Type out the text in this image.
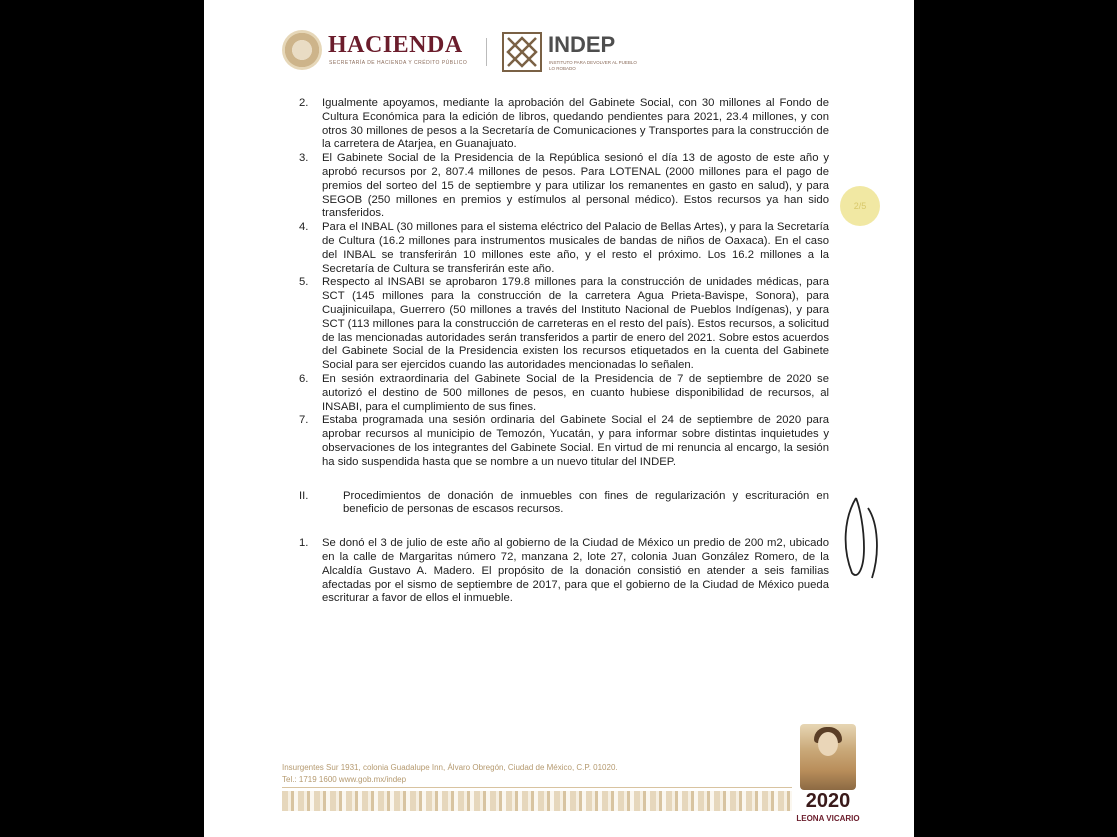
HACIENDA
SECRETARÍA DE HACIENDA Y CRÉDITO PÚBLICO
INDEP
INSTITUTO PARA DEVOLVER AL PUEBLO LO ROBADO
2/5

2. Igualmente apoyamos, mediante la aprobación del Gabinete Social, con 30 millones al Fondo de Cultura Económica para la edición de libros, quedando pendientes para 2021, 23.4 millones, y con otros 30 millones de pesos a la Secretaría de Comunicaciones y Transportes para la construcción de la carretera de Atarjea, en Guanajuato.

3. El Gabinete Social de la Presidencia de la República sesionó el día 13 de agosto de este año y aprobó recursos por 2, 807.4 millones de pesos. Para LOTENAL (2000 millones para el pago de premios del sorteo del 15 de septiembre y para utilizar los remanentes en gasto en salud), y para SEGOB (250 millones en premios y estímulos al personal médico). Estos recursos ya han sido transferidos.

4. Para el INBAL (30 millones para el sistema eléctrico del Palacio de Bellas Artes), y para la Secretaría de Cultura (16.2 millones para instrumentos musicales de bandas de niños de Oaxaca). En el caso del INBAL se transferirán 10 millones este año, y el resto el próximo. Los 16.2 millones a la Secretaría de Cultura se transferirán este año.

5. Respecto al INSABI se aprobaron 179.8 millones para la construcción de unidades médicas, para SCT (145 millones para la construcción de la carretera Agua Prieta-Bavispe, Sonora), para Cuajinicuilapa, Guerrero (50 millones a través del Instituto Nacional de Pueblos Indígenas), y para SCT (113 millones para la construcción de carreteras en el resto del país). Estos recursos, a solicitud de las mencionadas autoridades serán transferidos a partir de enero del 2021. Sobre estos acuerdos del Gabinete Social de la Presidencia existen los recursos etiquetados en la cuenta del Gabinete Social para ser ejercidos cuando las autoridades mencionadas lo señalen.

6. En sesión extraordinaria del Gabinete Social de la Presidencia de 7 de septiembre de 2020 se autorizó el destino de 500 millones de pesos, en cuanto hubiese disponibilidad de recursos, al INSABI, para el cumplimiento de sus fines.

7. Estaba programada una sesión ordinaria del Gabinete Social el 24 de septiembre de 2020 para aprobar recursos al municipio de Temozón, Yucatán, y para informar sobre distintas inquietudes y observaciones de los integrantes del Gabinete Social. En virtud de mi renuncia al encargo, la sesión ha sido suspendida hasta que se nombre a un nuevo titular del INDEP.

II.	Procedimientos de donación de inmuebles con fines de regularización y escrituración en beneficio de personas de escasos recursos.

1. Se donó el 3 de julio de este año al gobierno de la Ciudad de México un predio de 200 m2, ubicado en la calle de Margaritas número 72, manzana 2, lote 27, colonia Juan González Romero, de la Alcaldía Gustavo A. Madero. El propósito de la donación consistió en atender a seis familias afectadas por el sismo de septiembre de 2017, para que el gobierno de la Ciudad de México pueda escriturar a favor de ellos el inmueble.

Insurgentes Sur 1931, colonia Guadalupe Inn, Álvaro Obregón, Ciudad de México, C.P. 01020.
Tel.: 1719 1600 www.gob.mx/indep
2020
LEONA VICARIO
